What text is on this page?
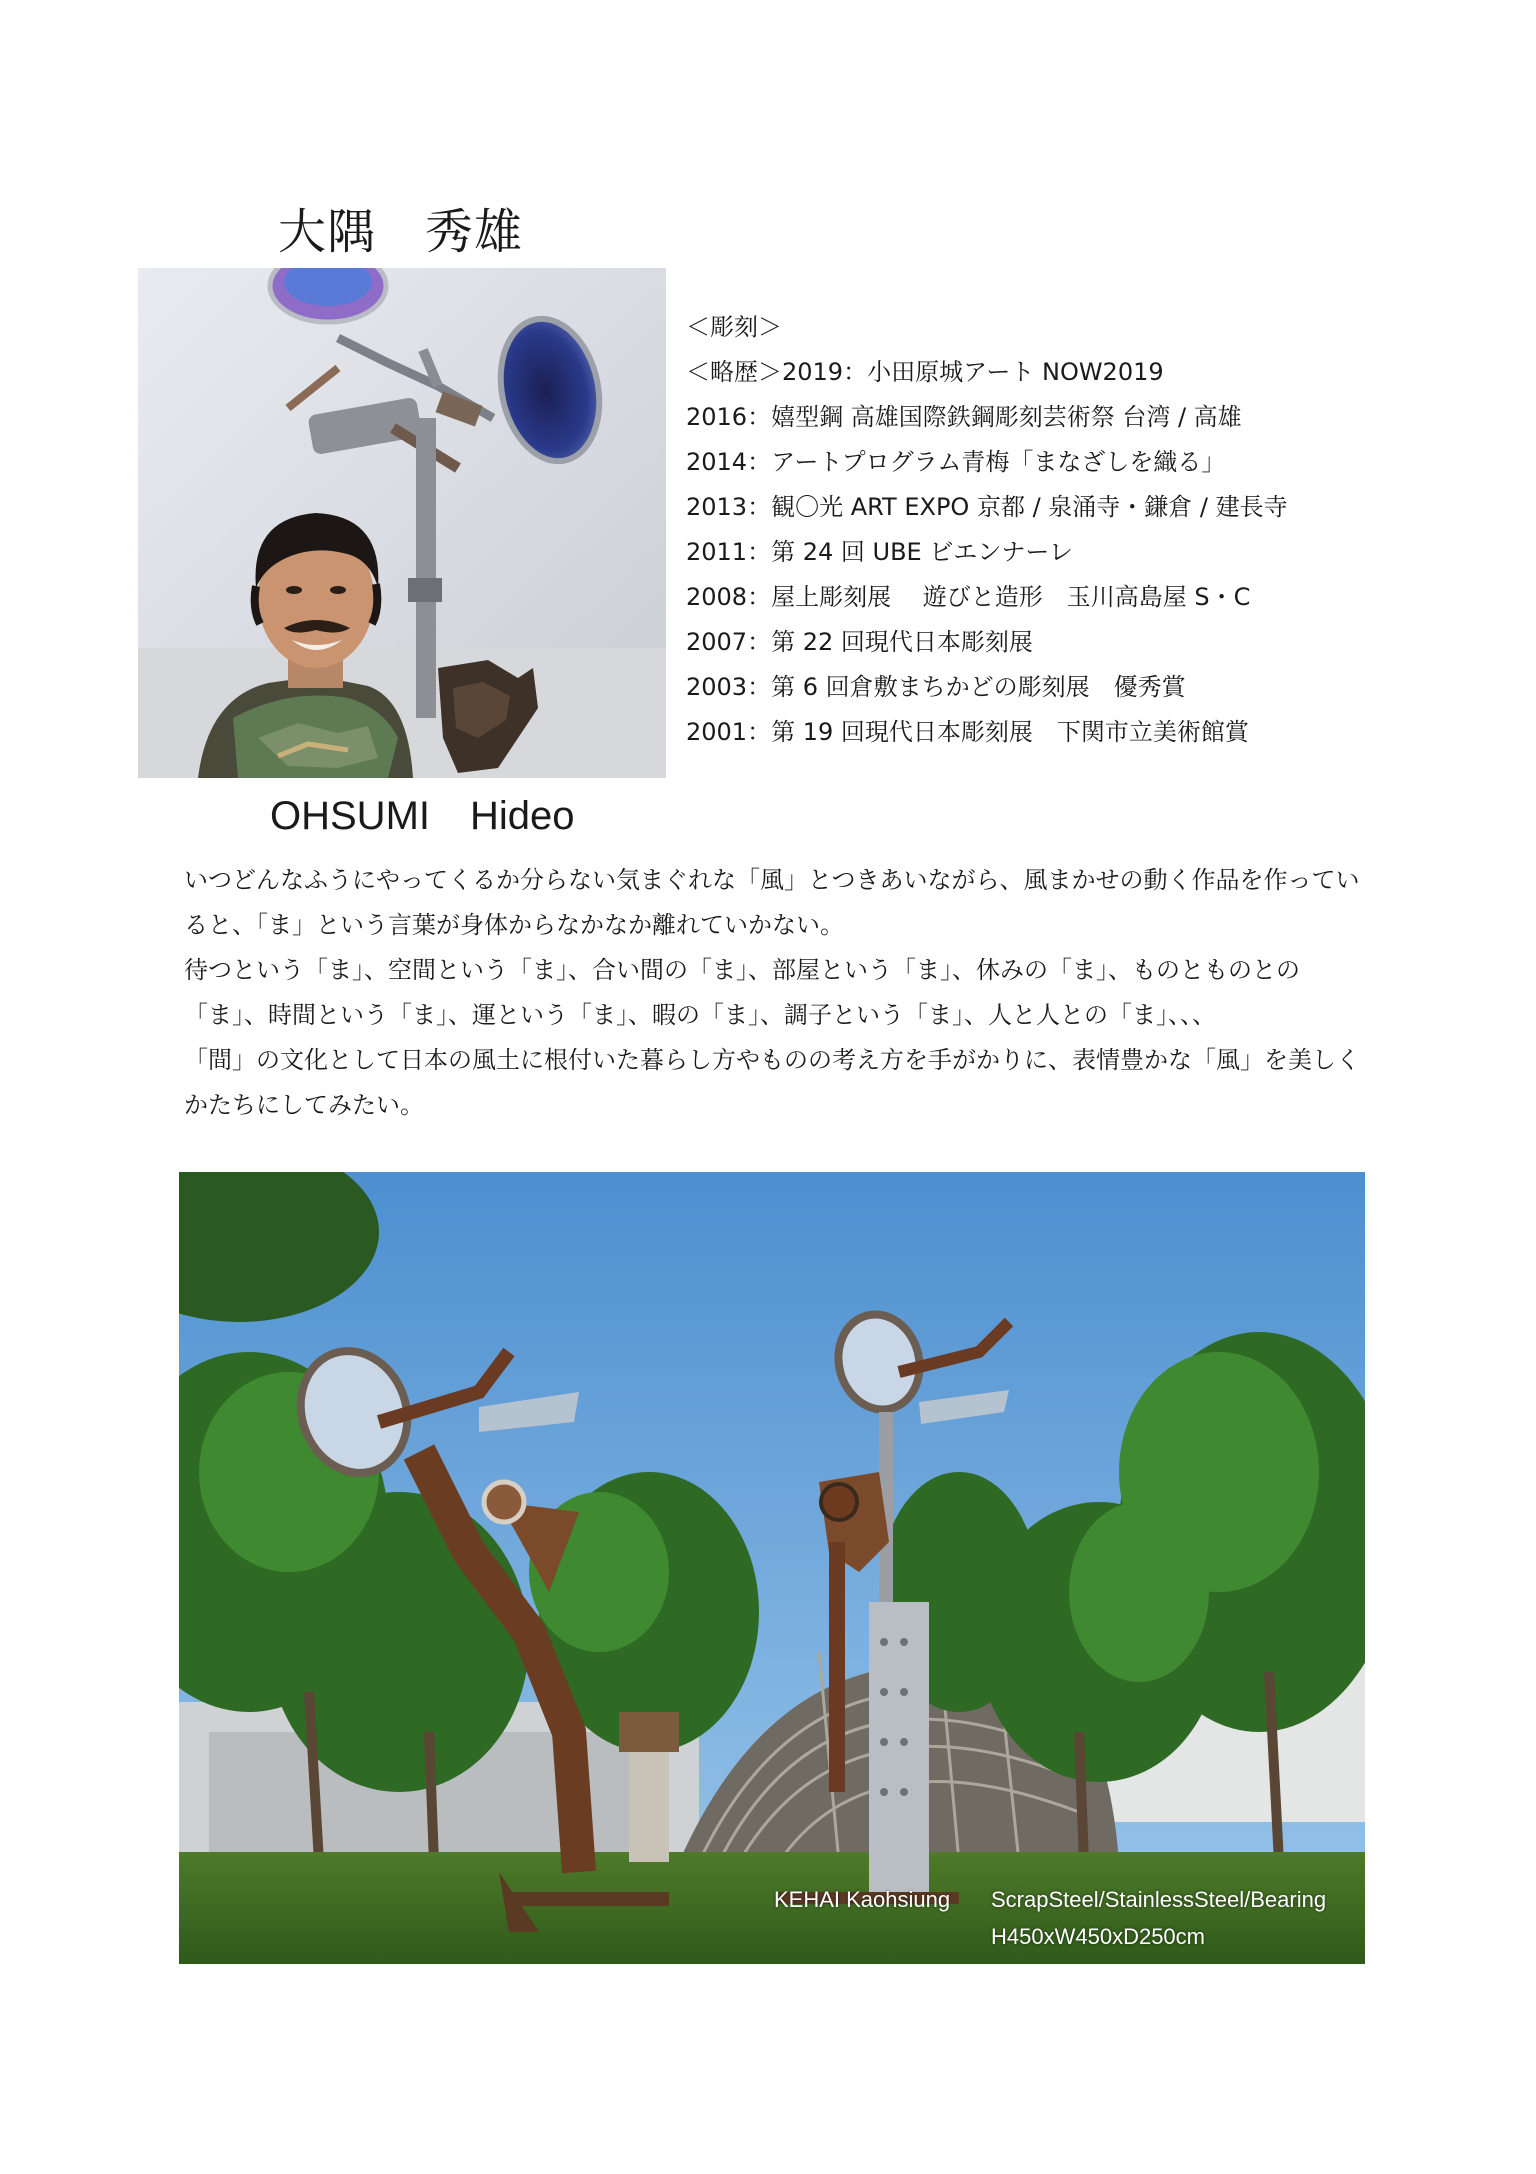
大隅　秀雄
OHSUMI　Hideo
＜彫刻＞
＜略歴＞2019：小田原城アート NOW2019
2016：嬉型鋼 高雄国際鉄鋼彫刻芸術祭 台湾 / 高雄
2014：アートプログラム青梅「まなざしを織る」
2013：観〇光 ART EXPO 京都 / 泉涌寺・鎌倉 / 建長寺
2011：第 24 回 UBE ビエンナーレ
2008：屋上彫刻展　 遊びと造形　玉川高島屋 S・C
2007：第 22 回現代日本彫刻展
2003：第 6 回倉敷まちかどの彫刻展　優秀賞
2001：第 19 回現代日本彫刻展　下関市立美術館賞

いつどんなふうにやってくるか分らない気まぐれな「風」とつきあいながら、風まかせの動く作品を作っていると、「ま」という言葉が身体からなかなか離れていかない。

待つという「ま」、空間という「ま」、合い間の「ま」、部屋という「ま」、休みの「ま」、ものとものとの「ま」、時間という「ま」、運という「ま」、暇の「ま」、調子という「ま」、人と人との「ま」、、、

「間」の文化として日本の風土に根付いた暮らし方やものの考え方を手がかりに、表情豊かな「風」を美しくかたちにしてみたい。

KEHAI Kaohsiung ScrapSteel/StainlessSteel/Bearing
H450xW450xD250cm
